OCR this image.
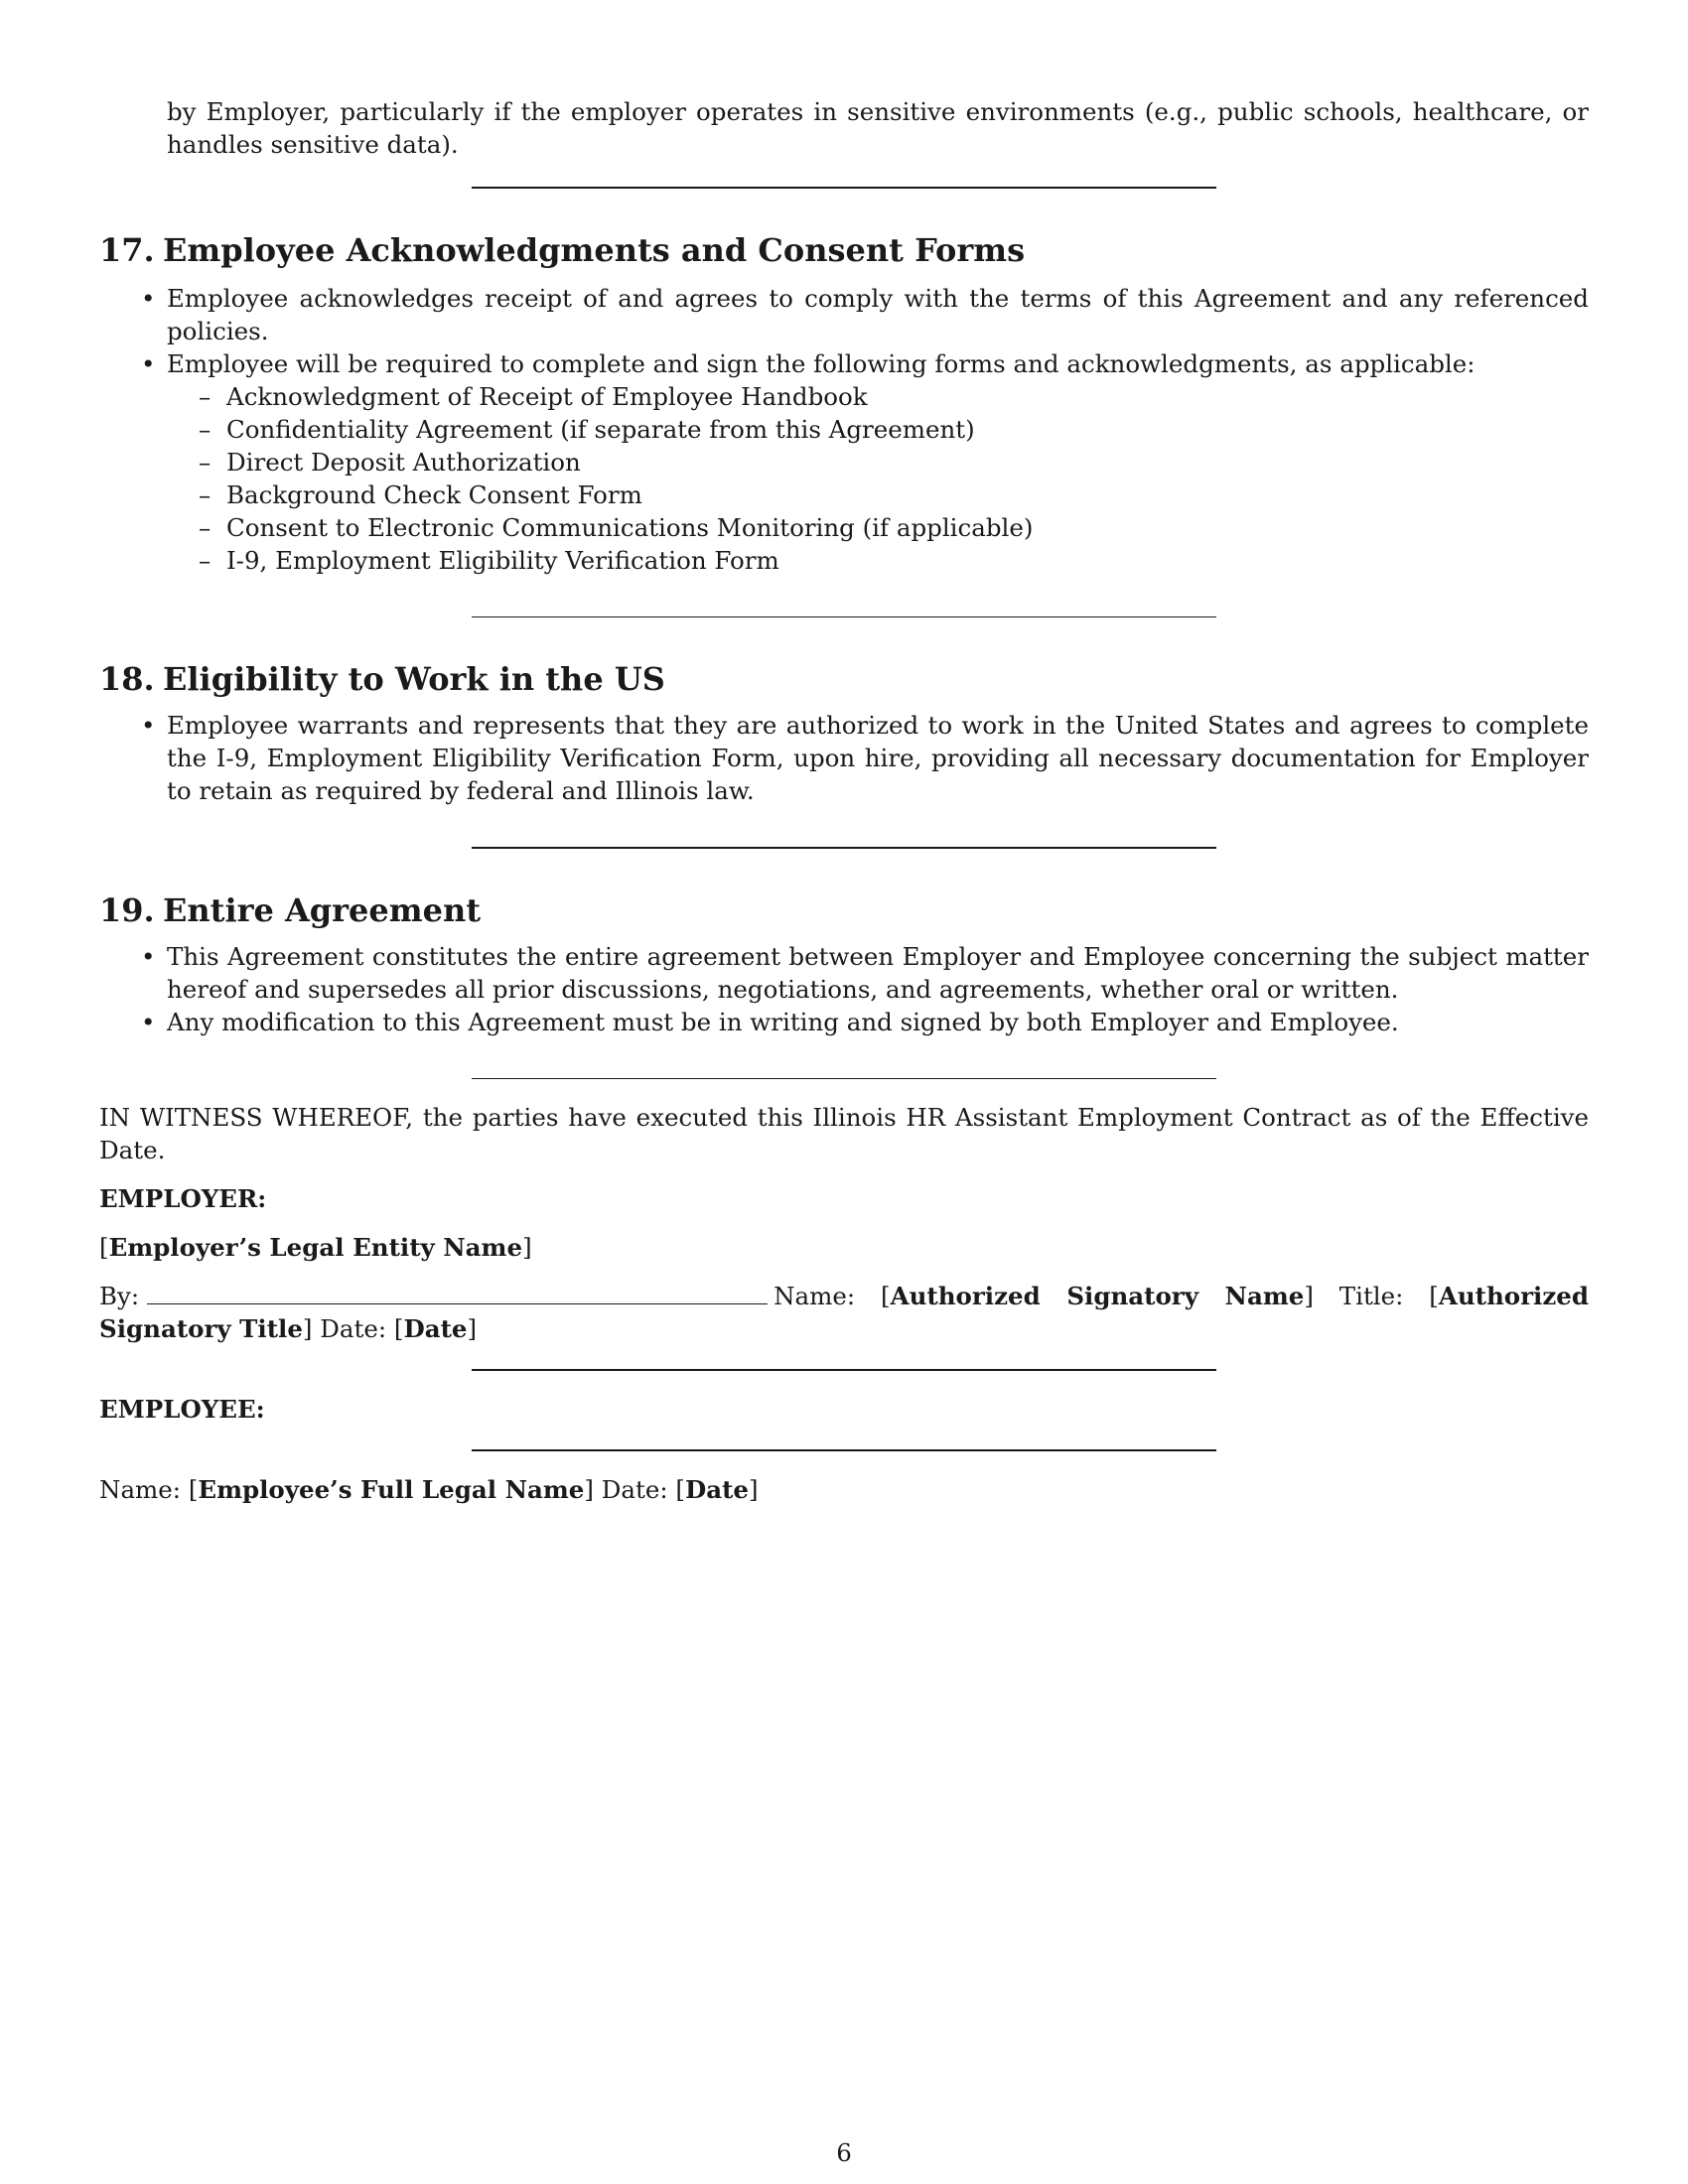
by Employer, particularly if the employer operates in sensitive environments (e.g., public schools, healthcare, or handles sensitive data).

17. Employee Acknowledgments and Consent Forms
• Employee acknowledges receipt of and agrees to comply with the terms of this Agreement and any referenced policies.
• Employee will be required to complete and sign the following forms and acknowledgments, as applicable:
– Acknowledgment of Receipt of Employee Handbook
– Confidentiality Agreement (if separate from this Agreement)
– Direct Deposit Authorization
– Background Check Consent Form
– Consent to Electronic Communications Monitoring (if applicable)
– I-9, Employment Eligibility Verification Form
18. Eligibility to Work in the US
• Employee warrants and represents that they are authorized to work in the United States and agrees to complete the I-9, Employment Eligibility Verification Form, upon hire, providing all necessary documentation for Employer to retain as required by federal and Illinois law.
19. Entire Agreement
• This Agreement constitutes the entire agreement between Employer and Employee concerning the subject matter hereof and supersedes all prior discussions, negotiations, and agreements, whether oral or written.
• Any modification to this Agreement must be in writing and signed by both Employer and Employee.

IN WITNESS WHEREOF, the parties have executed this Illinois HR Assistant Employment Contract as of the Effective Date.

EMPLOYER:

[Employer’s Legal Entity Name]

By:	Name: [Authorized Signatory Name] Title: [Authorized Signatory Title] Date: [Date]

EMPLOYEE:

Name: [Employee’s Full Legal Name] Date: [Date]

6
